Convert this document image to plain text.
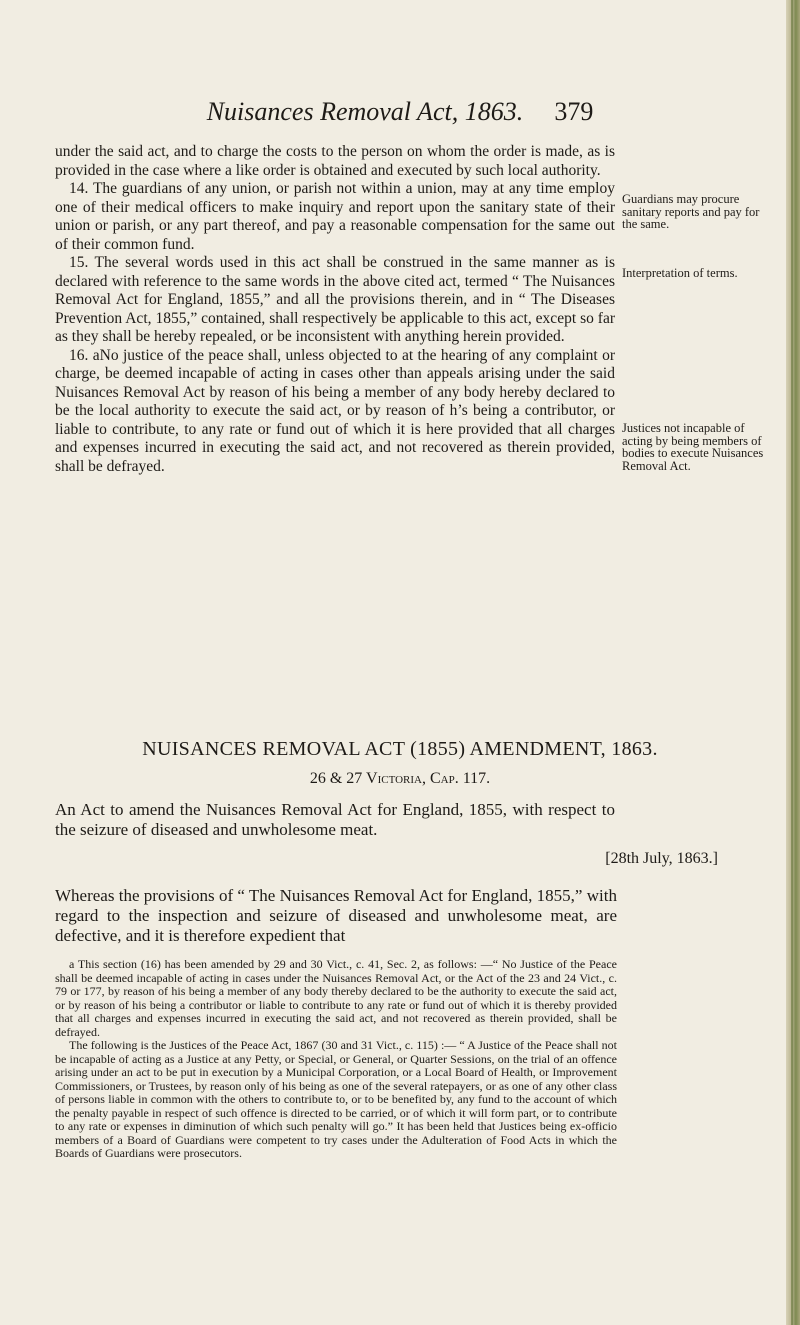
Nuisances Removal Act, 1863. 379

under the said act, and to charge the costs to the person on whom the order is made, as is provided in the case where a like order is obtained and executed by such local authority.

14. The guardians of any union, or parish not within a union, may at any time employ one of their medical officers to make inquiry and report upon the sanitary state of their union or parish, or any part thereof, and pay a reasonable compensation for the same out of their common fund.

15. The several words used in this act shall be construed in the same manner as is declared with reference to the same words in the above cited act, termed “ The Nuisances Removal Act for England, 1855,” and all the provisions therein, and in “ The Diseases Prevention Act, 1855,” contained, shall respectively be applicable to this act, except so far as they shall be hereby repealed, or be inconsistent with anything herein provided.

16. aNo justice of the peace shall, unless objected to at the hearing of any complaint or charge, be deemed incapable of acting in cases other than appeals arising under the said Nuisances Removal Act by reason of his being a member of any body hereby declared to be the local authority to execute the said act, or by reason of h’s being a contributor, or liable to contribute, to any rate or fund out of which it is here provided that all charges and expenses incurred in executing the said act, and not recovered as therein provided, shall be defrayed.

Guardians may procure sanitary reports and pay for the same.
Interpretation of terms.
Justices not incapable of acting by being members of bodies to execute Nuisances Removal Act.
NUISANCES REMOVAL ACT (1855) AMENDMENT, 1863.
26 & 27 Victoria, Cap. 117.
An Act to amend the Nuisances Removal Act for England, 1855, with respect to the seizure of diseased and unwholesome meat.
[28th July, 1863.]
Whereas the provisions of “ The Nuisances Removal Act for England, 1855,” with regard to the inspection and seizure of diseased and unwholesome meat, are defective, and it is therefore expedient that

a This section (16) has been amended by 29 and 30 Vict., c. 41, Sec. 2, as follows: —“ No Justice of the Peace shall be deemed incapable of acting in cases under the Nuisances Removal Act, or the Act of the 23 and 24 Vict., c. 79 or 177, by reason of his being a member of any body thereby declared to be the authority to execute the said act, or by reason of his being a contributor or liable to contribute to any rate or fund out of which it is thereby provided that all charges and expenses incurred in executing the said act, and not recovered as therein provided, shall be defrayed.

The following is the Justices of the Peace Act, 1867 (30 and 31 Vict., c. 115) :— “ A Justice of the Peace shall not be incapable of acting as a Justice at any Petty, or Special, or General, or Quarter Sessions, on the trial of an offence arising under an act to be put in execution by a Municipal Corporation, or a Local Board of Health, or Improvement Commissioners, or Trustees, by reason only of his being as one of the several ratepayers, or as one of any other class of persons liable in common with the others to contribute to, or to be benefited by, any fund to the account of which the penalty payable in respect of such offence is directed to be carried, or of which it will form part, or to contribute to any rate or expenses in diminution of which such penalty will go.” It has been held that Justices being ex-officio members of a Board of Guardians were competent to try cases under the Adulteration of Food Acts in which the Boards of Guardians were prosecutors.
